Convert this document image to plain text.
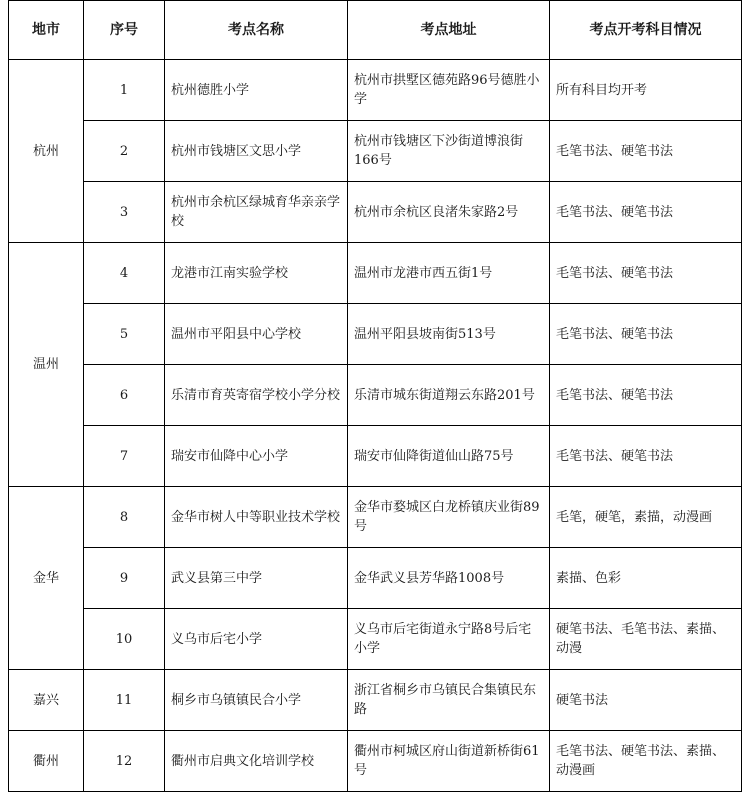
地市	序号	考点名称	考点地址	考点开考科目情况
杭州	1	杭州德胜小学	杭州市拱墅区德苑路96号德胜小学	所有科目均开考
	2	杭州市钱塘区文思小学	杭州市钱塘区下沙街道博浪街166号	毛笔书法、硬笔书法
	3	杭州市余杭区绿城育华亲亲学校	杭州市余杭区良渚朱家路2号	毛笔书法、硬笔书法
温州	4	龙港市江南实验学校	温州市龙港市西五街1号	毛笔书法、硬笔书法
	5	温州市平阳县中心学校	温州平阳县坡南街513号	毛笔书法、硬笔书法
	6	乐清市育英寄宿学校小学分校	乐清市城东街道翔云东路201号	毛笔书法、硬笔书法
	7	瑞安市仙降中心小学	瑞安市仙降街道仙山路75号	毛笔书法、硬笔书法
金华	8	金华市树人中等职业技术学校	金华市婺城区白龙桥镇庆业街89号	毛笔，硬笔，素描，动漫画
	9	武义县第三中学	金华武义县芳华路1008号	素描、色彩
	10	义乌市后宅小学	义乌市后宅街道永宁路8号后宅小学	硬笔书法、毛笔书法、素描、动漫
嘉兴	11	桐乡市乌镇镇民合小学	浙江省桐乡市乌镇民合集镇民东路	硬笔书法
衢州	12	衢州市启典文化培训学校	衢州市柯城区府山街道新桥街61号	毛笔书法、硬笔书法、素描、动漫画
